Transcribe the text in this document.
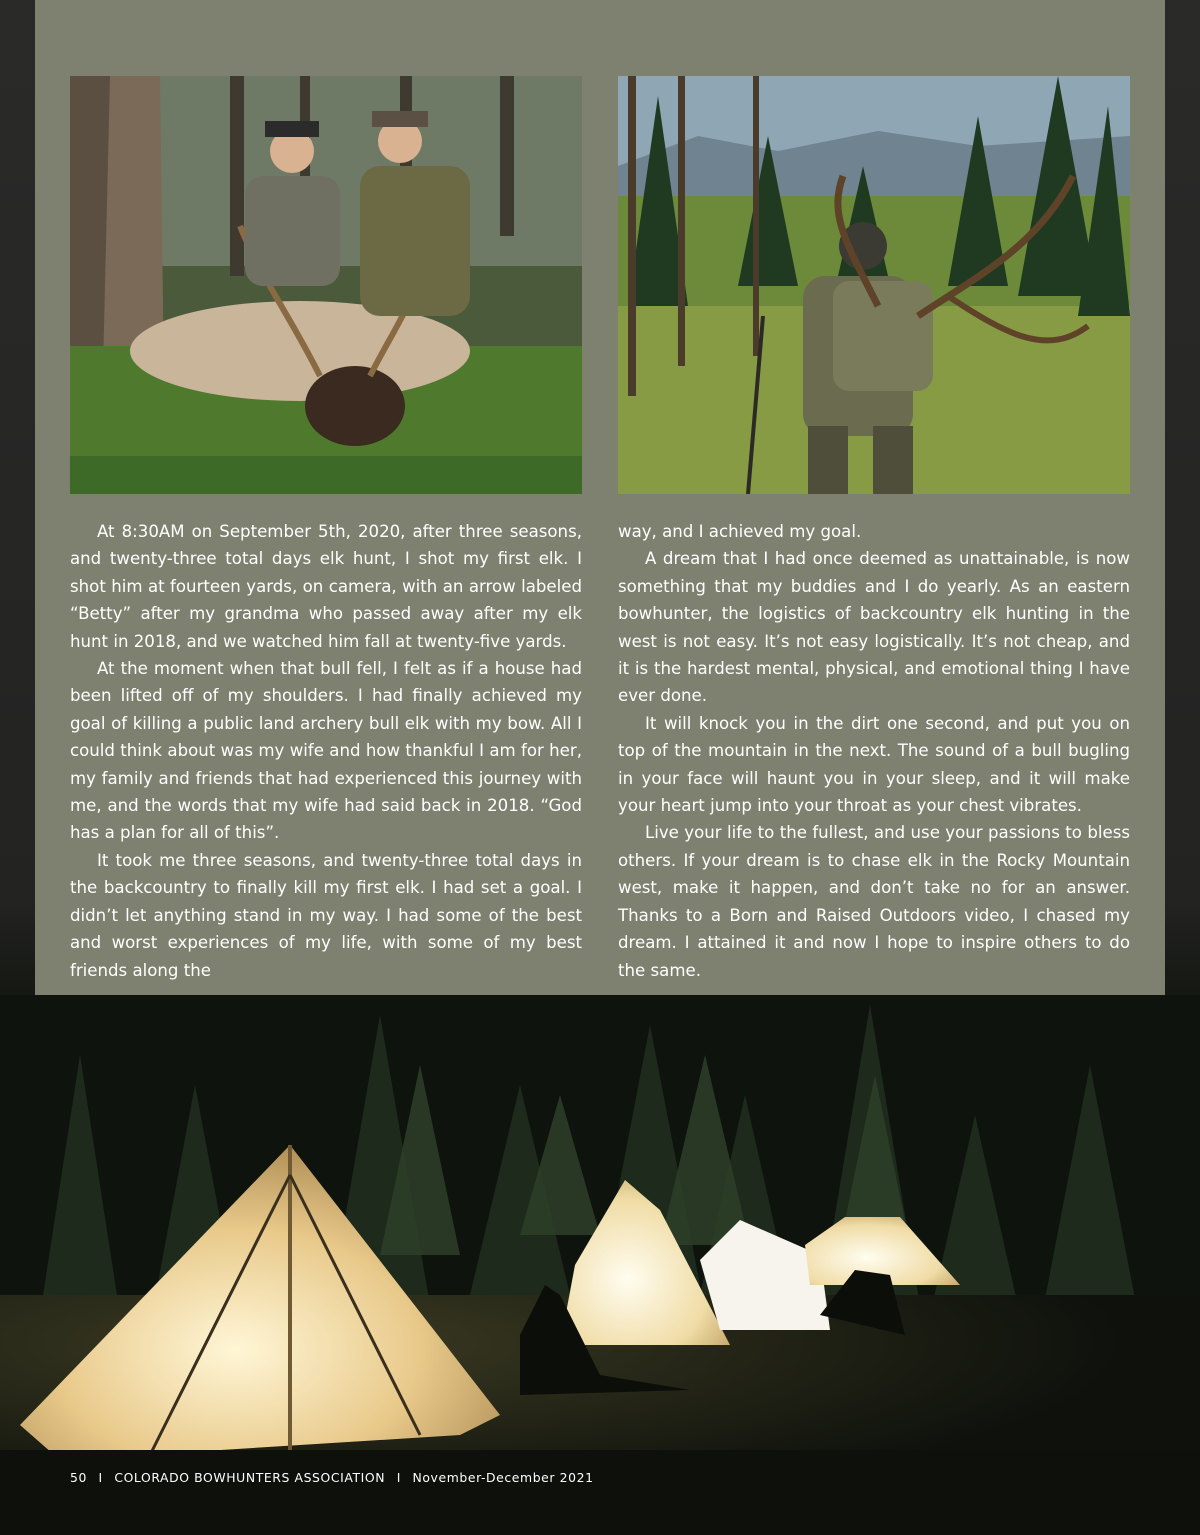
At 8:30AM on September 5th, 2020, after three seasons, and twenty-three total days elk hunt, I shot my first elk. I shot him at fourteen yards, on camera, with an arrow labeled “Betty” after my grandma who passed away after my elk hunt in 2018, and we watched him fall at twenty-five yards.

At the moment when that bull fell, I felt as if a house had been lifted off of my shoulders. I had finally achieved my goal of killing a public land archery bull elk with my bow. All I could think about was my wife and how thankful I am for her, my family and friends that had experienced this journey with me, and the words that my wife had said back in 2018. “God has a plan for all of this”.

It took me three seasons, and twenty-three total days in the backcountry to finally kill my first elk. I had set a goal. I didn’t let anything stand in my way. I had some of the best and worst experiences of my life, with some of my best friends along the

way, and I achieved my goal.

A dream that I had once deemed as unattainable, is now something that my buddies and I do yearly. As an eastern bowhunter, the logistics of backcountry elk hunting in the west is not easy. It’s not easy logistically. It’s not cheap, and it is the hardest mental, physical, and emotional thing I have ever done.

It will knock you in the dirt one second, and put you on top of the mountain in the next. The sound of a bull bugling in your face will haunt you in your sleep, and it will make your heart jump into your throat as your chest vibrates.

Live your life to the fullest, and use your passions to bless others. If your dream is to chase elk in the Rocky Mountain west, make it happen, and don’t take no for an answer. Thanks to a Born and Raised Outdoors video, I chased my dream. I attained it and now I hope to inspire others to do the same.

50 I COLORADO BOWHUNTERS ASSOCIATION I November-December 2021
